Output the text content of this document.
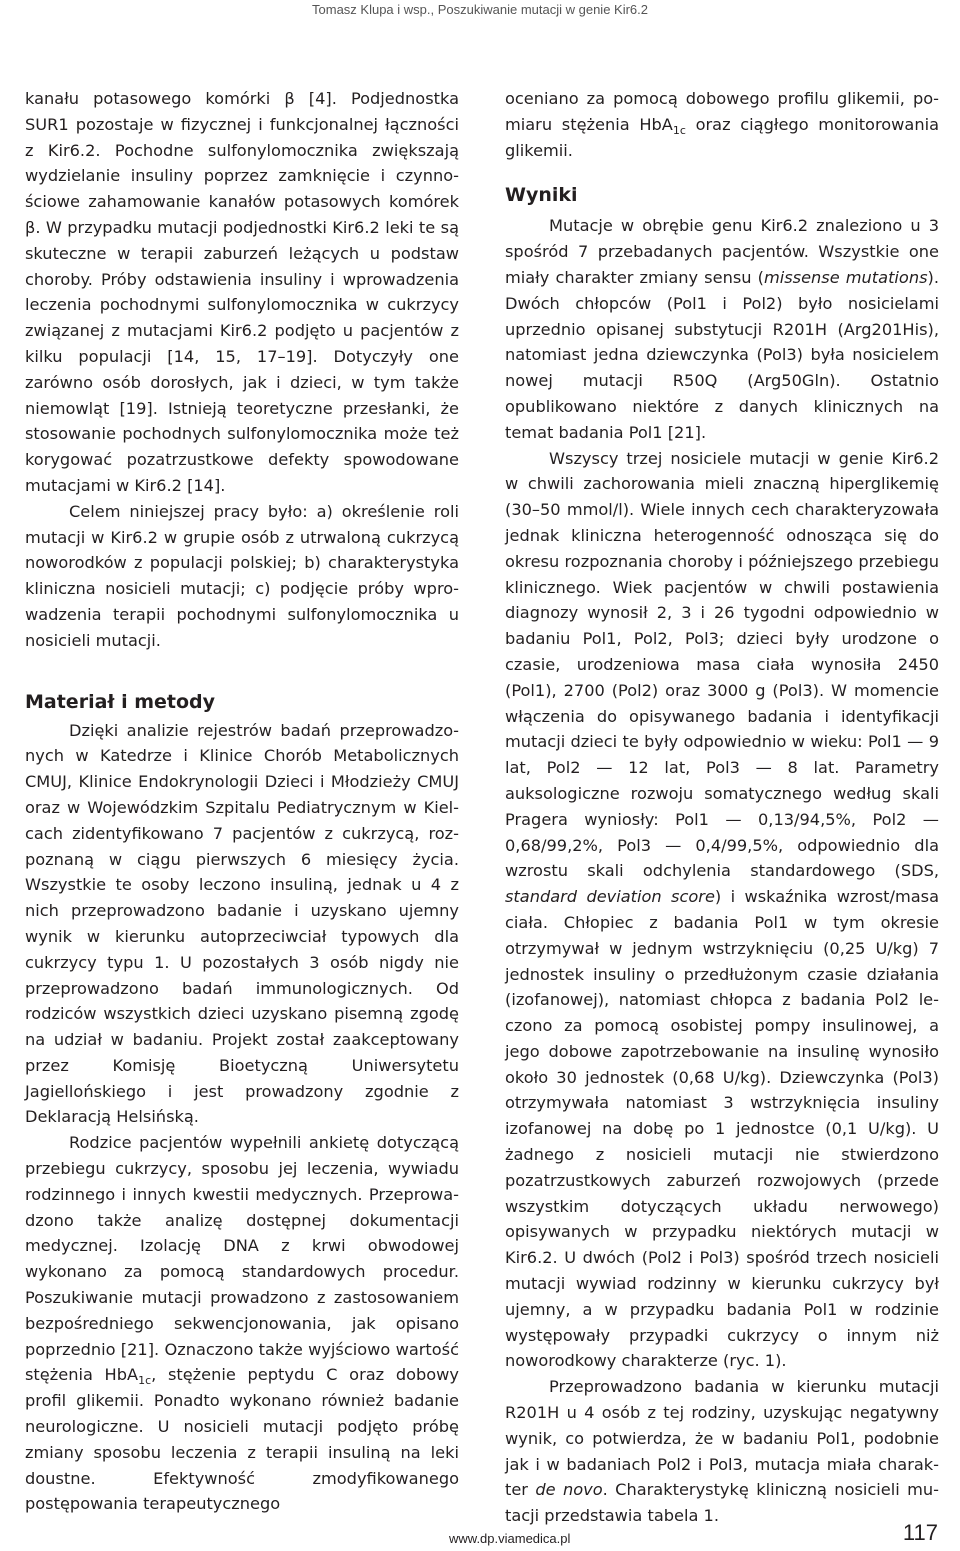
Tomasz Klupa i wsp., Poszukiwanie mutacji w genie Kir6.2

kanału potasowego komórki β [4]. Podjednostka SUR1 pozostaje w fizycznej i funkcjonalnej łączności z Kir6.2. Pochodne sulfonylomocznika zwiększają wydzielanie insuliny poprzez zamknięcie i czynnościowe zahamowanie kanałów potasowych komórek β. W przypadku mutacji podjednostki Kir6.2 leki te są skuteczne w terapii zaburzeń leżących u podstaw choroby. Próby odstawienia insuliny i wprowadzenia leczenia pochodnymi sulfonylomocznika w cukrzycy związanej z mutacjami Kir6.2 podjęto u pacjentów z kilku populacji [14, 15, 17–19]. Dotyczyły one zarówno osób dorosłych, jak i dzieci, w tym także niemowląt [19]. Istnieją teoretyczne przesłanki, że stosowanie pochodnych sulfonylomocznika może też korygować pozatrzustkowe defekty spowodowane mutacjami w Kir6.2 [14].

Celem niniejszej pracy było: a) określenie roli mutacji w Kir6.2 w grupie osób z utrwaloną cukrzycą noworodków z populacji polskiej; b) charakterystyka kliniczna nosicieli mutacji; c) podjęcie próby wprowadzenia terapii pochodnymi sulfonylomocznika u nosicieli mutacji.

Materiał i metody

Dzięki analizie rejestrów badań przeprowadzonych w Katedrze i Klinice Chorób Metabolicznych CMUJ, Klinice Endokrynologii Dzieci i Młodzieży CMUJ oraz w Wojewódzkim Szpitalu Pediatrycznym w Kielcach zidentyfikowano 7 pacjentów z cukrzycą, rozpoznaną w ciągu pierwszych 6 miesięcy życia. Wszystkie te osoby leczono insuliną, jednak u 4 z nich przeprowadzono badanie i uzyskano ujemny wynik w kierunku autoprzeciwciał typowych dla cukrzycy typu 1. U pozostałych 3 osób nigdy nie przeprowadzono badań immunologicznych. Od rodziców wszystkich dzieci uzyskano pisemną zgodę na udział w badaniu. Projekt został zaakceptowany przez Komisję Bioetyczną Uniwersytetu Jagiellońskiego i jest prowadzony zgodnie z Deklaracją Helsińską.

Rodzice pacjentów wypełnili ankietę dotyczącą przebiegu cukrzycy, sposobu jej leczenia, wywiadu rodzinnego i innych kwestii medycznych. Przeprowadzono także analizę dostępnej dokumentacji medycznej. Izolację DNA z krwi obwodowej wykonano za pomocą standardowych procedur. Poszukiwanie mutacji prowadzono z zastosowaniem bezpośredniego sekwencjonowania, jak opisano poprzednio [21]. Oznaczono także wyjściowo wartość stężenia HbA$_{1c}$, stężenie peptydu C oraz dobowy profil glikemii. Ponadto wykonano również badanie neurologiczne. U nosicieli mutacji podjęto próbę zmiany sposobu leczenia z terapii insuliną na leki doustne. Efektywność zmodyfikowanego postępowania terapeutycznego

oceniano za pomocą dobowego profilu glikemii, pomiaru stężenia HbA$_{1c}$ oraz ciągłego monitorowania glikemii.

Wyniki

Mutacje w obrębie genu Kir6.2 znaleziono u 3 spośród 7 przebadanych pacjentów. Wszystkie one miały charakter zmiany sensu (missense mutations). Dwóch chłopców (Pol1 i Pol2) było nosicielami uprzednio opisanej substytucji R201H (Arg201His), natomiast jedna dziewczynka (Pol3) była nosicielem nowej mutacji R50Q (Arg50Gln). Ostatnio opublikowano niektóre z danych klinicznych na temat badania Pol1 [21].

Wszyscy trzej nosiciele mutacji w genie Kir6.2 w chwili zachorowania mieli znaczną hiperglikemię (30–50 mmol/l). Wiele innych cech charakteryzowała jednak kliniczna heterogenność odnosząca się do okresu rozpoznania choroby i późniejszego przebiegu klinicznego. Wiek pacjentów w chwili postawienia diagnozy wynosił 2, 3 i 26 tygodni odpowiednio w badaniu Pol1, Pol2, Pol3; dzieci były urodzone o czasie, urodzeniowa masa ciała wynosiła 2450 (Pol1), 2700 (Pol2) oraz 3000 g (Pol3). W momencie włączenia do opisywanego badania i identyfikacji mutacji dzieci te były odpowiednio w wieku: Pol1 — 9 lat, Pol2 — 12 lat, Pol3 — 8 lat. Parametry auksologiczne rozwoju somatycznego według skali Pragera wyniosły: Pol1 — 0,13/94,5%, Pol2 — 0,68/99,2%, Pol3 — 0,4/99,5%, odpowiednio dla wzrostu skali odchylenia standardowego (SDS, standard deviation score) i wskaźnika wzrost/masa ciała. Chłopiec z badania Pol1 w tym okresie otrzymywał w jednym wstrzyknięciu (0,25 U/kg) 7 jednostek insuliny o przedłużonym czasie działania (izofanowej), natomiast chłopca z badania Pol2 leczono za pomocą osobistej pompy insulinowej, a jego dobowe zapotrzebowanie na insulinę wynosiło około 30 jednostek (0,68 U/kg). Dziewczynka (Pol3) otrzymywała natomiast 3 wstrzyknięcia insuliny izofanowej na dobę po 1 jednostce (0,1 U/kg). U żadnego z nosicieli mutacji nie stwierdzono pozatrzustkowych zaburzeń rozwojowych (przede wszystkim dotyczących układu nerwowego) opisywanych w przypadku niektórych mutacji w Kir6.2. U dwóch (Pol2 i Pol3) spośród trzech nosicieli mutacji wywiad rodzinny w kierunku cukrzycy był ujemny, a w przypadku badania Pol1 w rodzinie występowały przypadki cukrzycy o innym niż noworodkowy charakterze (ryc. 1).

Przeprowadzono badania w kierunku mutacji R201H u 4 osób z tej rodziny, uzyskując negatywny wynik, co potwierdza, że w badaniu Pol1, podobnie jak i w badaniach Pol2 i Pol3, mutacja miała charakter de novo. Charakterystykę kliniczną nosicieli mutacji przedstawia tabela 1.

www.dp.viamedica.pl	117
